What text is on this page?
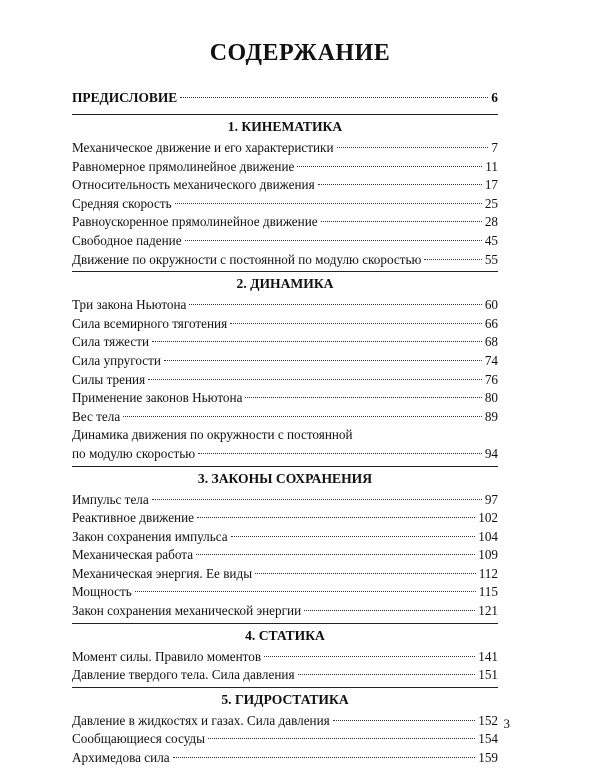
СОДЕРЖАНИЕ
ПРЕДИСЛОВИЕ	6
1. КИНЕМАТИКА
Механическое движение и его характеристики	7
Равномерное прямолинейное движение	11
Относительность механического движения	17
Средняя скорость	25
Равноускоренное прямолинейное движение	28
Свободное падение	45
Движение по окружности с постоянной по модулю скоростью	55
2. ДИНАМИКА
Три закона Ньютона	60
Сила всемирного тяготения	66
Сила тяжести	68
Сила упругости	74
Силы трения	76
Применение законов Ньютона	80
Вес тела	89
Динамика движения по окружности с постоянной
по модулю скоростью	94
3. ЗАКОНЫ СОХРАНЕНИЯ
Импульс тела	97
Реактивное движение	102
Закон сохранения импульса	104
Механическая работа	109
Механическая энергия. Ее виды	112
Мощность	115
Закон сохранения механической энергии	121
4. СТАТИКА
Момент силы. Правило моментов	141
Давление твердого тела. Сила давления	151
5. ГИДРОСТАТИКА
Давление в жидкостях и газах. Сила давления	152
Сообщающиеся сосуды	154
Архимедова сила	159
3
